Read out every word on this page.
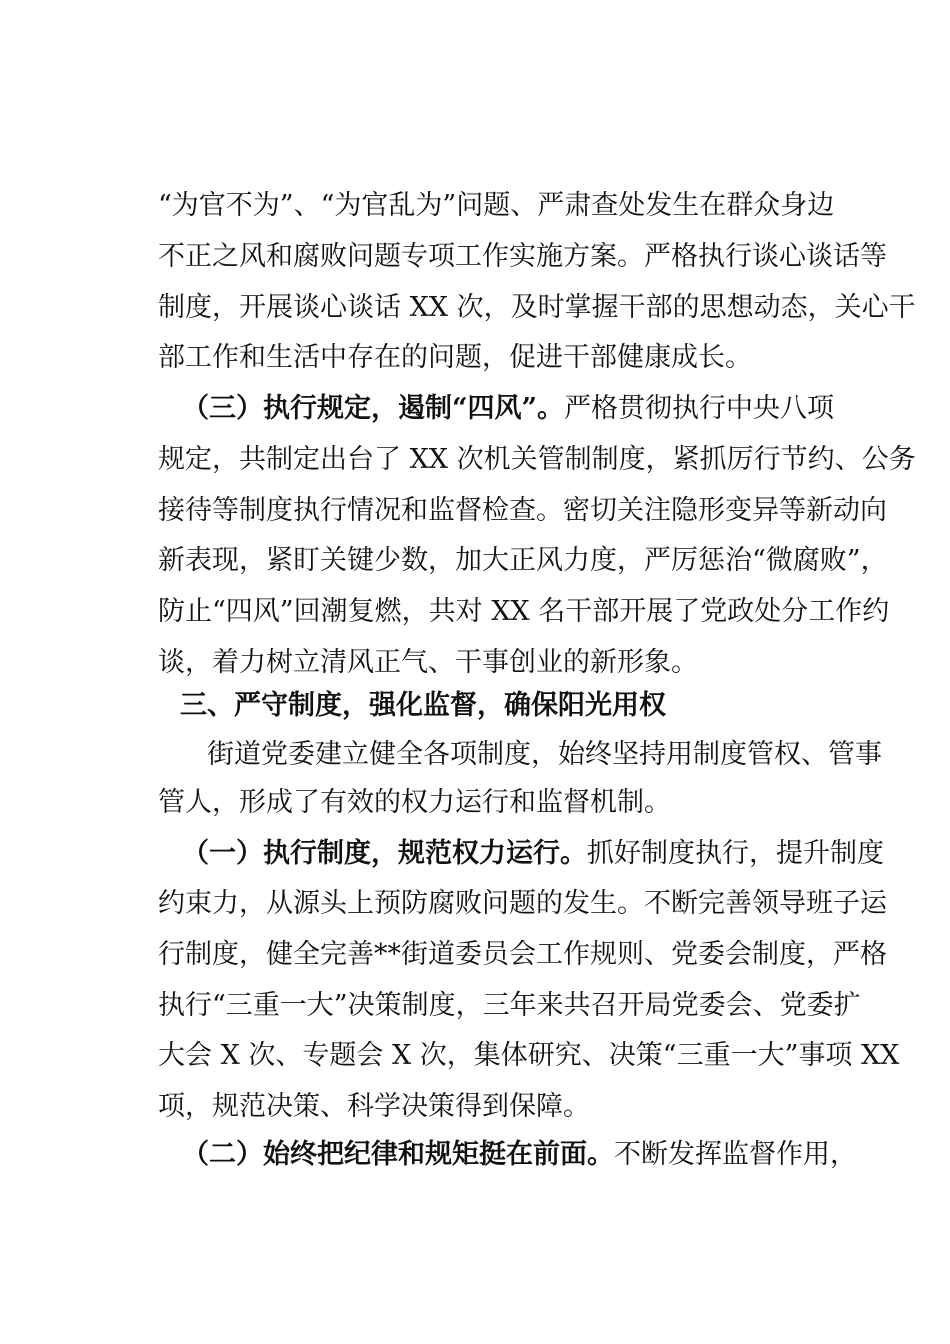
“为官不为”、“为官乱为”问题、严肃查处发生在群众身边
不正之风和腐败问题专项工作实施方案。严格执行谈心谈话等
制度，开展谈心谈话 XX 次，及时掌握干部的思想动态，关心干
部工作和生活中存在的问题，促进干部健康成长。
（三）执行规定，遏制“四风”。严格贯彻执行中央八项
规定，共制定出台了 XX 次机关管制制度，紧抓厉行节约、公务
接待等制度执行情况和监督检查。密切关注隐形变异等新动向
新表现，紧盯关键少数，加大正风力度，严厉惩治“微腐败”，
防止“四风”回潮复燃，共对 XX 名干部开展了党政处分工作约
谈，着力树立清风正气、干事创业的新形象。
三、严守制度，强化监督，确保阳光用权
街道党委建立健全各项制度，始终坚持用制度管权、管事
管人，形成了有效的权力运行和监督机制。
（一）执行制度，规范权力运行。抓好制度执行，提升制度
约束力，从源头上预防腐败问题的发生。不断完善领导班子运
行制度，健全完善**街道委员会工作规则、党委会制度，严格
执行“三重一大”决策制度，三年来共召开局党委会、党委扩
大会 X 次、专题会 X 次，集体研究、决策“三重一大”事项 XX
项，规范决策、科学决策得到保障。
（二）始终把纪律和规矩挺在前面。不断发挥监督作用，
